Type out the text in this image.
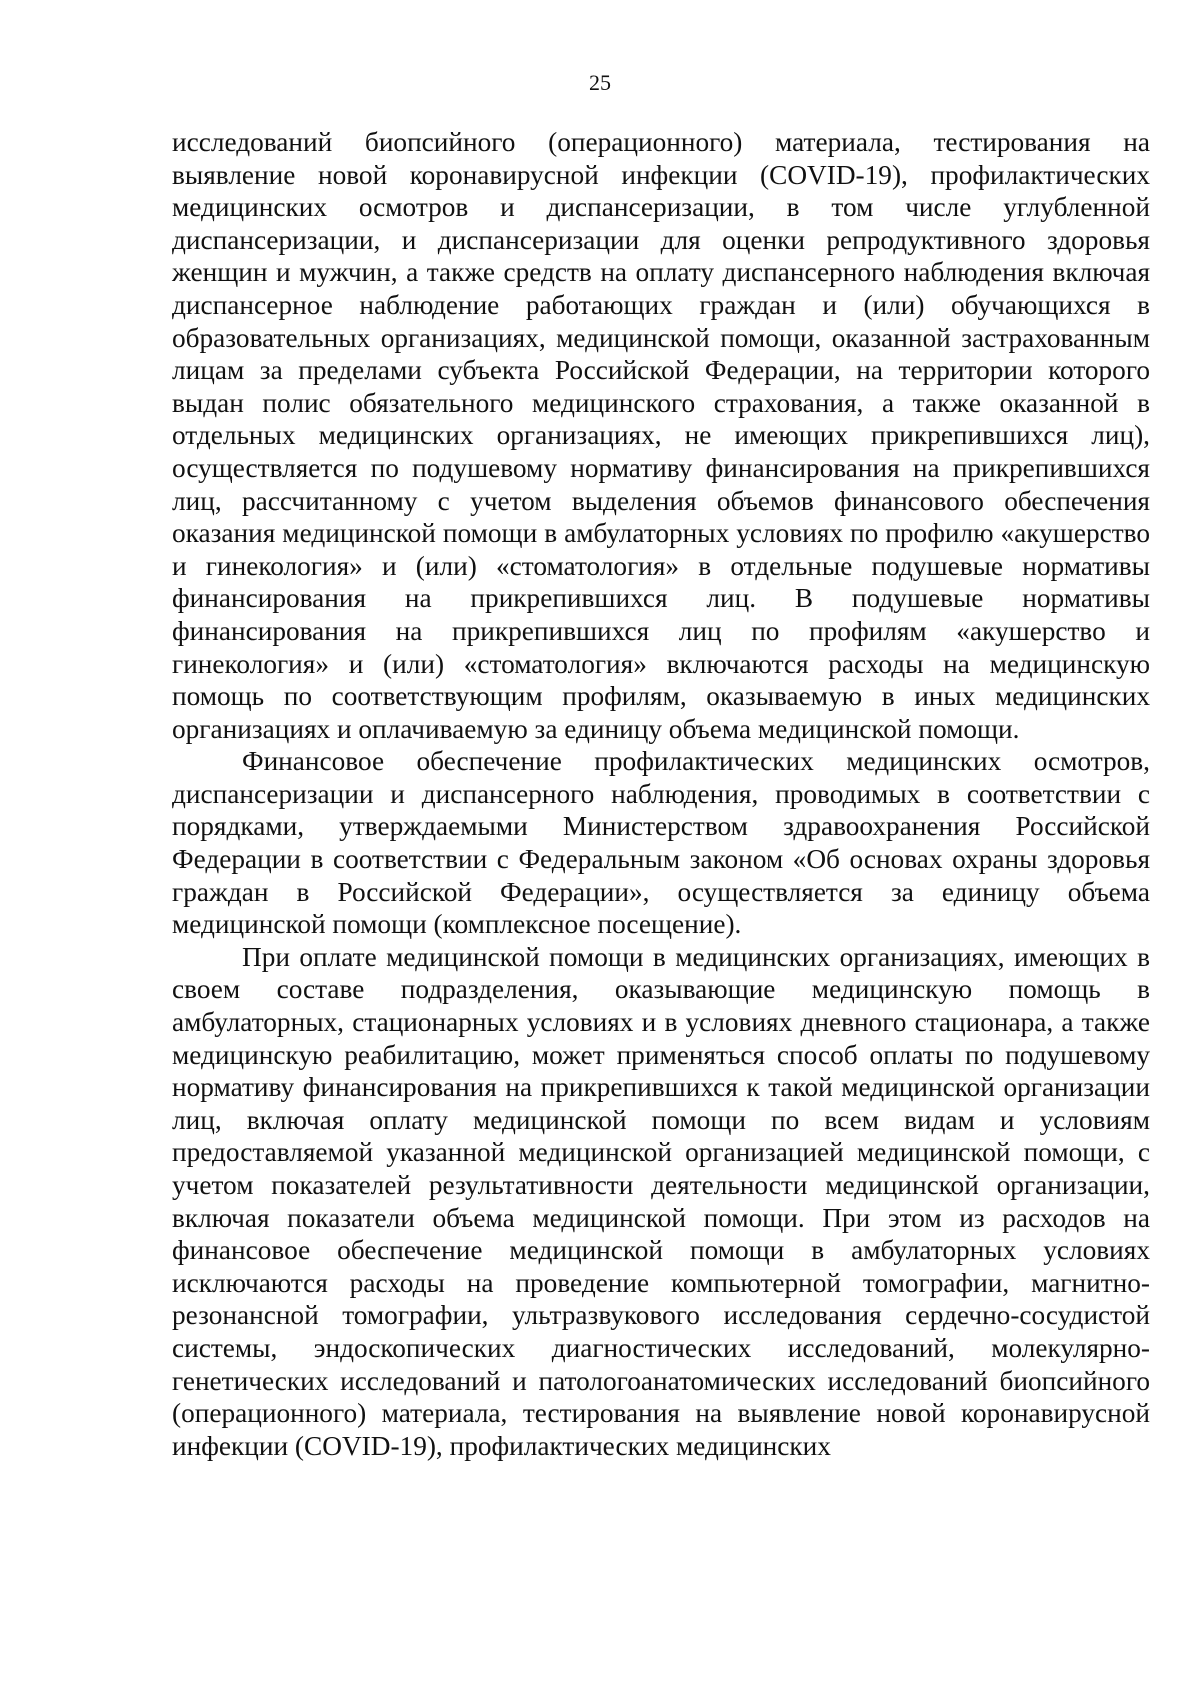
25

исследований биопсийного (операционного) материала, тестирования на выявление новой коронавирусной инфекции (COVID-19), профилактических медицинских осмотров и диспансеризации, в том числе углубленной диспансеризации, и диспансеризации для оценки репродуктивного здоровья женщин и мужчин, а также средств на оплату диспансерного наблюдения включая диспансерное наблюдение работающих граждан и (или) обучающихся в образовательных организациях, медицинской помощи, оказанной застрахованным лицам за пределами субъекта Российской Федерации, на территории которого выдан полис обязательного медицинского страхования, а также оказанной в отдельных медицинских организациях, не имеющих прикрепившихся лиц), осуществляется по подушевому нормативу финансирования на прикрепившихся лиц, рассчитанному с учетом выделения объемов финансового обеспечения оказания медицинской помощи в амбулаторных условиях по профилю «акушерство и гинекология» и (или) «стоматология» в отдельные подушевые нормативы финансирования на прикрепившихся лиц. В подушевые нормативы финансирования на прикрепившихся лиц по профилям «акушерство и гинекология» и (или) «стоматология» включаются расходы на медицинскую помощь по соответствующим профилям, оказываемую в иных медицинских организациях и оплачиваемую за единицу объема медицинской помощи.

Финансовое обеспечение профилактических медицинских осмотров, диспансеризации и диспансерного наблюдения, проводимых в соответствии с порядками, утверждаемыми Министерством здравоохранения Российской Федерации в соответствии с Федеральным законом «Об основах охраны здоровья граждан в Российской Федерации», осуществляется за единицу объема медицинской помощи (комплексное посещение).

При оплате медицинской помощи в медицинских организациях, имеющих в своем составе подразделения, оказывающие медицинскую помощь в амбулаторных, стационарных условиях и в условиях дневного стационара, а также медицинскую реабилитацию, может применяться способ оплаты по подушевому нормативу финансирования на прикрепившихся к такой медицинской организации лиц, включая оплату медицинской помощи по всем видам и условиям предоставляемой указанной медицинской организацией медицинской помощи, с учетом показателей результативности деятельности медицинской организации, включая показатели объема медицинской помощи. При этом из расходов на финансовое обеспечение медицинской помощи в амбулаторных условиях исключаются расходы на проведение компьютерной томографии, магнитно-резонансной томографии, ультразвукового исследования сердечно-сосудистой системы, эндоскопических диагностических исследований, молекулярно-генетических исследований и патологоанатомических исследований биопсийного (операционного) материала, тестирования на выявление новой коронавирусной инфекции (COVID-19), профилактических медицинских
